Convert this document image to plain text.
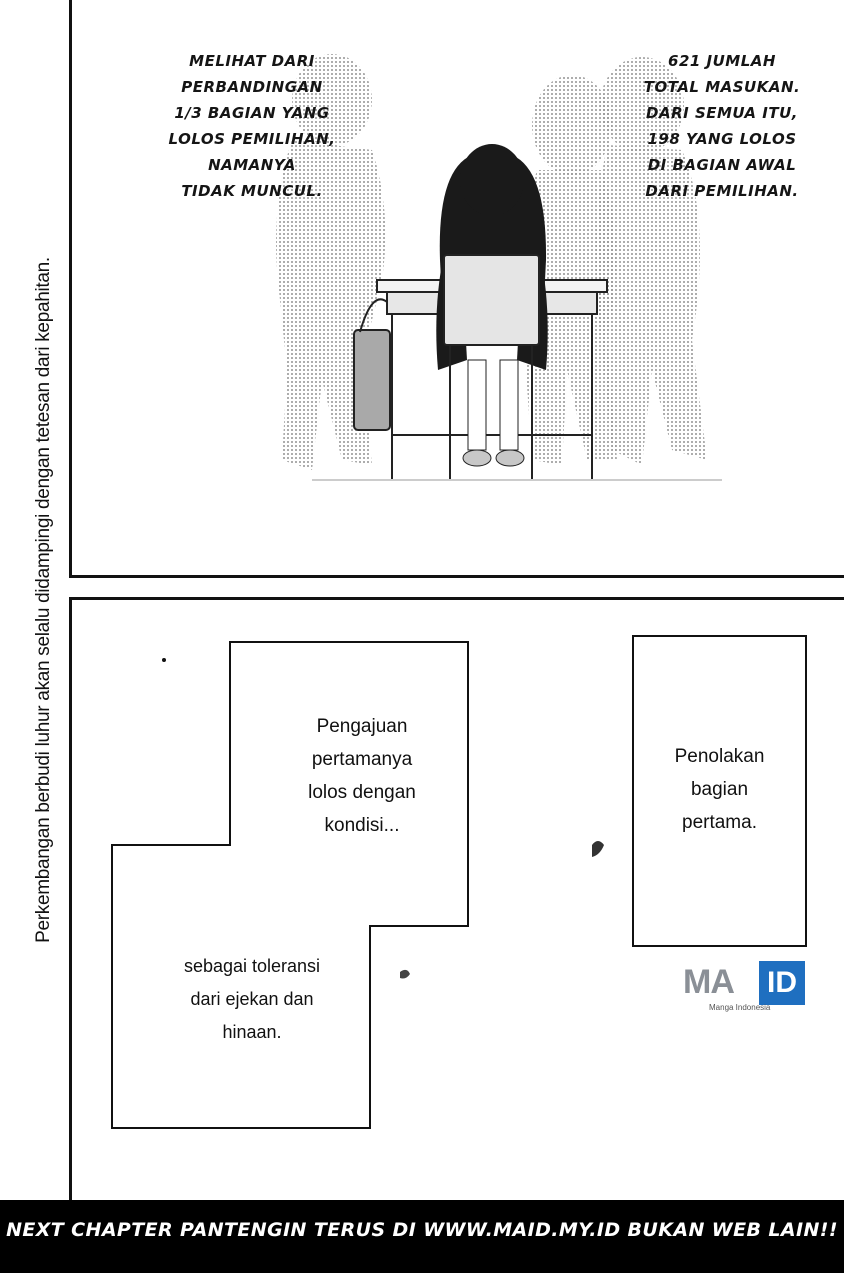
Perkembangan berbudi luhur akan selalu didampingi dengan tetesan dari kepahitan.
MELIHAT DARI
PERBANDINGAN
1/3 BAGIAN YANG
LOLOS PEMILIHAN,
NAMANYA
TIDAK MUNCUL.
621 JUMLAH
TOTAL MASUKAN.
DARI SEMUA ITU,
198 YANG LOLOS
DI BAGIAN AWAL
DARI PEMILIHAN.
Pengajuan
pertamanya
lolos dengan
kondisi...
sebagai toleransi
dari ejekan dan
hinaan.
Penolakan
bagian
pertama.
MA ID
Manga Indonesia
NEXT CHAPTER PANTENGIN TERUS DI WWW.MAID.MY.ID BUKAN WEB LAIN!!
